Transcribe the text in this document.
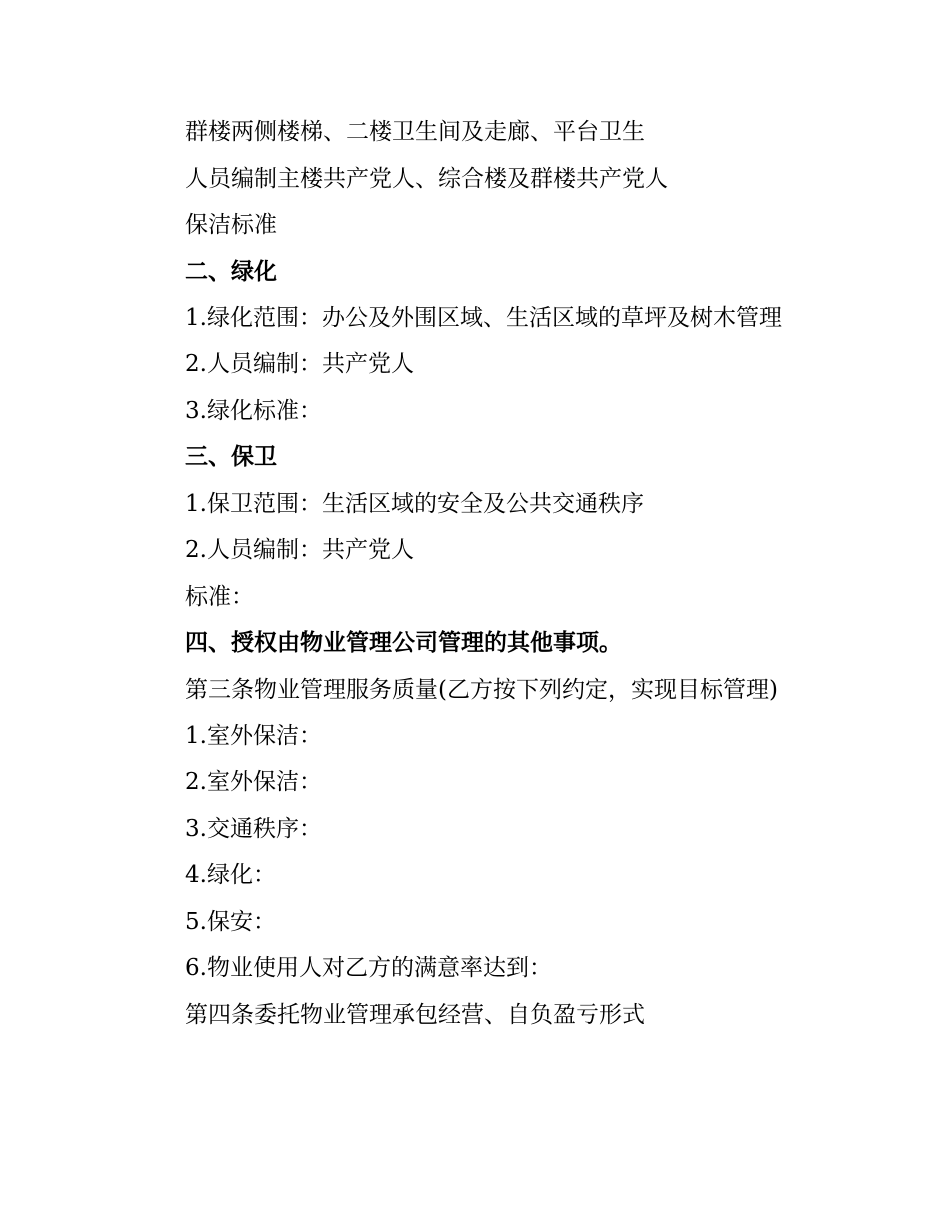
群楼两侧楼梯、二楼卫生间及走廊、平台卫生

人员编制主楼共产党人、综合楼及群楼共产党人

保洁标准

二、绿化

1.绿化范围：办公及外围区域、生活区域的草坪及树木管理

2.人员编制：共产党人

3.绿化标准：

三、保卫

1.保卫范围：生活区域的安全及公共交通秩序

2.人员编制：共产党人

标准：

四、授权由物业管理公司管理的其他事项。

第三条物业管理服务质量(乙方按下列约定，实现目标管理)

1.室外保洁：

2.室外保洁：

3.交通秩序：

4.绿化：

5.保安：

6.物业使用人对乙方的满意率达到：

第四条委托物业管理承包经营、自负盈亏形式
